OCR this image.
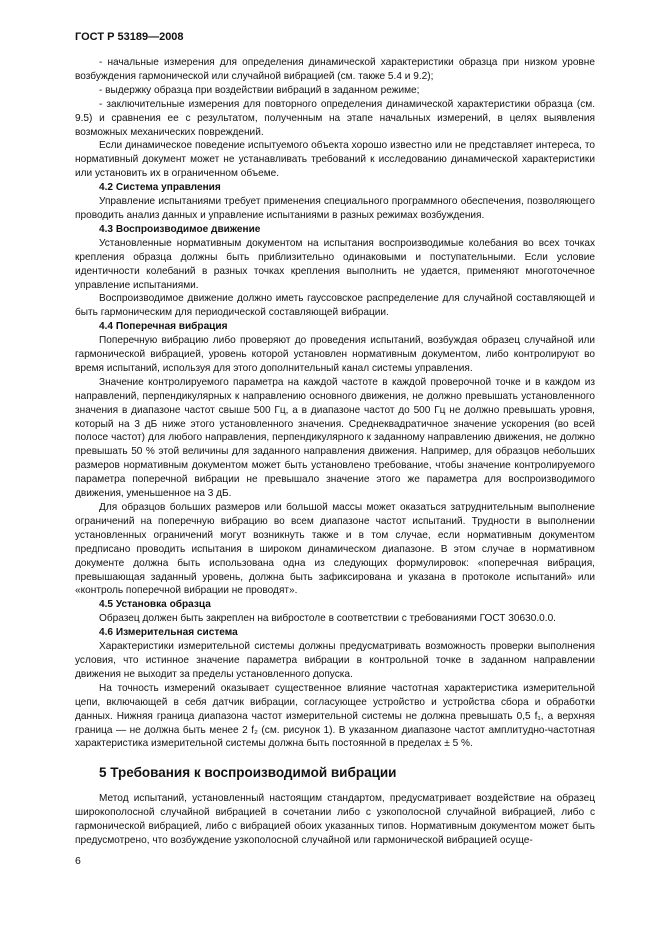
ГОСТ Р 53189—2008

- начальные измерения для определения динамической характеристики образца при низком уровне возбуждения гармонической или случайной вибрацией (см. также 5.4 и 9.2);

- выдержку образца при воздействии вибраций в заданном режиме;

- заключительные измерения для повторного определения динамической характеристики образца (см. 9.5) и сравнения ее с результатом, полученным на этапе начальных измерений, в целях выявления возможных механических повреждений.

Если динамическое поведение испытуемого объекта хорошо известно или не представляет интереса, то нормативный документ может не устанавливать требований к исследованию динамической характеристики или установить их в ограниченном объеме.

4.2 Система управления

Управление испытаниями требует применения специального программного обеспечения, позволяющего проводить анализ данных и управление испытаниями в разных режимах возбуждения.

4.3 Воспроизводимое движение

Установленные нормативным документом на испытания воспроизводимые колебания во всех точках крепления образца должны быть приблизительно одинаковыми и поступательными. Если условие идентичности колебаний в разных точках крепления выполнить не удается, применяют многоточечное управление испытаниями.

Воспроизводимое движение должно иметь гауссовское распределение для случайной составляющей и быть гармоническим для периодической составляющей вибрации.

4.4 Поперечная вибрация

Поперечную вибрацию либо проверяют до проведения испытаний, возбуждая образец случайной или гармонической вибрацией, уровень которой установлен нормативным документом, либо контролируют во время испытаний, используя для этого дополнительный канал системы управления.

Значение контролируемого параметра на каждой частоте в каждой проверочной точке и в каждом из направлений, перпендикулярных к направлению основного движения, не должно превышать установленного значения в диапазоне частот свыше 500 Гц, а в диапазоне частот до 500 Гц не должно превышать уровня, который на 3 дБ ниже этого установленного значения. Среднеквадратичное значение ускорения (во всей полосе частот) для любого направления, перпендикулярного к заданному направлению движения, не должно превышать 50 % этой величины для заданного направления движения. Например, для образцов небольших размеров нормативным документом может быть установлено требование, чтобы значение контролируемого параметра поперечной вибрации не превышало значение этого же параметра для воспроизводимого движения, уменьшенное на 3 дБ.

Для образцов больших размеров или большой массы может оказаться затруднительным выполнение ограничений на поперечную вибрацию во всем диапазоне частот испытаний. Трудности в выполнении установленных ограничений могут возникнуть также и в том случае, если нормативным документом предписано проводить испытания в широком динамическом диапазоне. В этом случае в нормативном документе должна быть использована одна из следующих формулировок: «поперечная вибрация, превышающая заданный уровень, должна быть зафиксирована и указана в протоколе испытаний» или «контроль поперечной вибрации не проводят».

4.5 Установка образца

Образец должен быть закреплен на вибростоле в соответствии с требованиями ГОСТ 30630.0.0.

4.6 Измерительная система

Характеристики измерительной системы должны предусматривать возможность проверки выполнения условия, что истинное значение параметра вибрации в контрольной точке в заданном направлении движения не выходит за пределы установленного допуска.

На точность измерений оказывает существенное влияние частотная характеристика измерительной цепи, включающей в себя датчик вибрации, согласующее устройство и устройства сбора и обработки данных. Нижняя граница диапазона частот измерительной системы не должна превышать 0,5 f₁, а верхняя граница — не должна быть менее 2 f₂ (см. рисунок 1). В указанном диапазоне частот амплитудно-частотная характеристика измерительной системы должна быть постоянной в пределах ± 5 %.

5 Требования к воспроизводимой вибрации

Метод испытаний, установленный настоящим стандартом, предусматривает воздействие на образец широкополосной случайной вибрацией в сочетании либо с узкополосной случайной вибрацией, либо с гармонической вибрацией, либо с вибрацией обоих указанных типов. Нормативным документом может быть предусмотрено, что возбуждение узкополосной случайной или гармонической вибрацией осуще-

6
